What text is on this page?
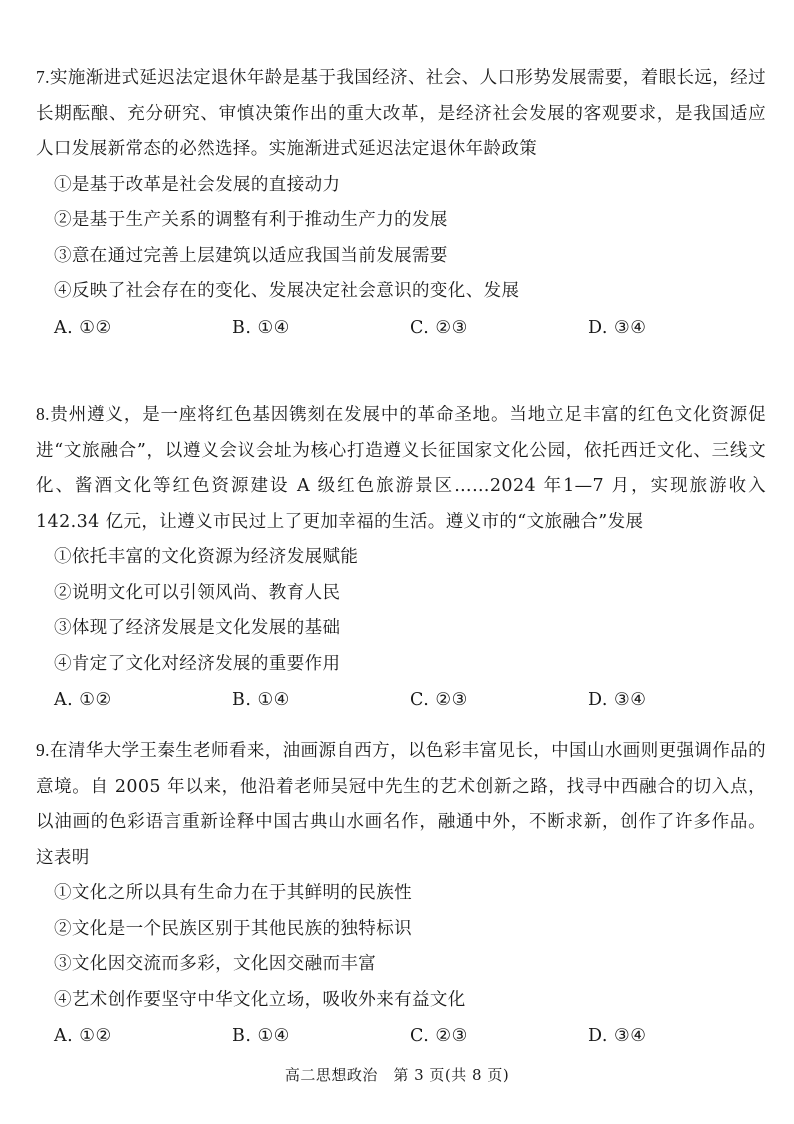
7.实施渐进式延迟法定退休年龄是基于我国经济、社会、人口形势发展需要，着眼长远，经过长期酝酿、充分研究、审慎决策作出的重大改革，是经济社会发展的客观要求，是我国适应人口发展新常态的必然选择。实施渐进式延迟法定退休年龄政策

①是基于改革是社会发展的直接动力
②是基于生产关系的调整有利于推动生产力的发展
③意在通过完善上层建筑以适应我国当前发展需要
④反映了社会存在的变化、发展决定社会意识的变化、发展
A. ①②	B. ①④	C. ②③	D. ③④

8.贵州遵义，是一座将红色基因镌刻在发展中的革命圣地。当地立足丰富的红色文化资源促进“文旅融合”，以遵义会议会址为核心打造遵义长征国家文化公园，依托西迁文化、三线文化、酱酒文化等红色资源建设 A 级红色旅游景区……2024 年1—7 月，实现旅游收入 142.34 亿元，让遵义市民过上了更加幸福的生活。遵义市的“文旅融合”发展

①依托丰富的文化资源为经济发展赋能
②说明文化可以引领风尚、教育人民
③体现了经济发展是文化发展的基础
④肯定了文化对经济发展的重要作用
A. ①②	B. ①④	C. ②③	D. ③④

9.在清华大学王秦生老师看来，油画源自西方，以色彩丰富见长，中国山水画则更强调作品的意境。自 2005 年以来，他沿着老师吴冠中先生的艺术创新之路，找寻中西融合的切入点，以油画的色彩语言重新诠释中国古典山水画名作，融通中外，不断求新，创作了许多作品。这表明

①文化之所以具有生命力在于其鲜明的民族性
②文化是一个民族区别于其他民族的独特标识
③文化因交流而多彩，文化因交融而丰富
④艺术创作要坚守中华文化立场，吸收外来有益文化
A. ①②	B. ①④	C. ②③	D. ③④
高二思想政治　第 3 页(共 8 页)
